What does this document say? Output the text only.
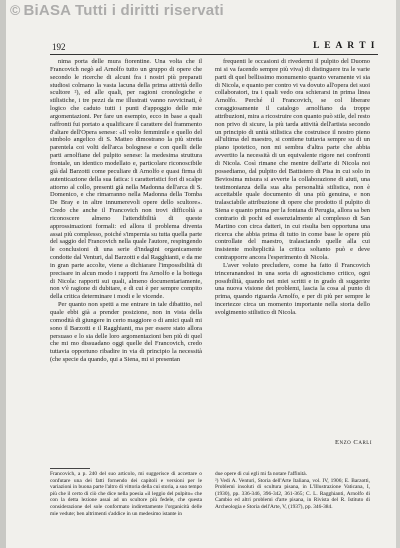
© BiASA Tutti i diritti riservati
192	L E A R T I

nima porta delle mura fiorentine. Una volta che il Francovich negò ad Arnolfo tutto un gruppo di opere che secondo le ricerche di alcuni fra i nostri più preparati studiosi colmano la vasta lacuna della prima attività dello scultore ²), ed alle quali, per ragioni cronologiche e stilistiche, i tre pezzi da me illustrati vanno ravvicinati, è logico che caduto tutti i punti d'appoggio delle mie argomentazioni. Per fare un esempio, ecco in base a quali raffronti fui portato a qualificare il carattere del frammento d'altare dell'Opera senese: «Il volto femminile e quello del simbolo angelico di S. Matteo dimostrano la più stretta parentela coi volti dell'arca bolognese e con quelli delle parti arnolfiane del pulpito senese: la medesima struttura frontale, un identico modellato e, particolare riconoscibile già dal Barzotti come peculiare di Arnolfo e quasi firma di autenticazione della sua fatica: i caratteristici fori di scalpe attorno al collo, presenti già nella Madonna dell'arca di S. Domenico, e che rimarranno nella Madonna della Tomba De Bray e in altre innumerevoli opere dello scultore». Credo che anche il Francovich non trovi difficoltà a riconoscere almeno l'attendibilità di queste approssimazioni formali: ed allora il problema diventa assai più complesso, poiché s'impernia su tutta quella parte del saggio del Francovich nella quale l'autore, respingendo le conclusioni di una serie d'indagini organicamente condotte dal Venturi, dal Barzotti e dal Ragghianti, e da me in gran parte accolte, viene a dichiarare l'impossibilità di precisare in alcun modo i rapporti fra Arnolfo e la bottega di Nicola: rapporti sui quali, almeno documentariamente, non v'è ragione di dubitare, e di cui è per sempre compito della critica determinare i modi e le vicende.

Per quanto non spetti a me entrare in tale dibattito, nel quale ebbi già a prender posizione, non in vista della comodità di giungere in certo maggiore o di amici quali mi sono il Barzotti e il Ragghianti, ma per essere stato allora persuaso e lo sia delle loro argomentazioni ben più di quel che mi mo dissuadano oggi quelle del Francovich, credo tuttavia opportuno ribadire in via di principio la necessità (che specie da quando, qui a Siena, mi si presentan

frequenti le occasioni di rivedermi il pulpito del Duomo mi si va facendo sempre più viva) di distinguere tra le varie parti di quel bellissimo monumento quanto veramente vi sia di Nicola, e quanto per contro vi va dovuto all'opera dei suoi collaboratori, tra i quali vedo ora schierarsi in prima linea Arnolfo. Perché il Francovich, se col liberare coraggiosamente il catalogo arnolfiano da troppe attribuzioni, mira a ricostruire con quanto può stile, del resto non privo di sicure, la più tarda attività dell'artista secondo un principio di unità stilistica che costruisce il nostro pieno all'ultima del maestro, si contiene tuttavia sempre su di un piano ipotetico, non mi sembra d'altra parte che abbia avvertito la necessità di un equivalente rigore nei confronti di Nicola. Così rimane che mentre dell'arte di Nicola noi possediamo, dal pulpito del Battistero di Pisa in cui solo in Beviosima misura si avverte la collaborazione di aiuti, una testimonianza della sua alta personalità stilistica, non è accettabile quale documento di una più genuina, e non tralasciabile attribuzione di opere che prodotto il pulpito di Siena e quanto prima per la fontana di Perugia, allora sa ben contrario di pochi ed essenzialmente al complesso di San Martino con circa datteri, in cui risulta ben opportuna una ricerca che abbia prima di tutto in come base le opere più controllate del maestro, tralasciando quelle alla cui insistente molteplicità la critica soltanto può e deve contrapporre ancora l'esperimento di Nicola.

L'aver voluto precludere, come ha fatto il Francovich trinceranandosi in una sorta di agnosticismo critico, ogni possibilità, quando nei miei scritti e in grado di suggerire una nuova visione dei problemi, lascia la cosa al punto di prima, quando riguarda Arnolfo, e per di più per sempre le incertezze circa un momento importante nella storia dello svolgimento stilistico di Nicola.

Enzo Carli

Francovich, a p. 240 del suo articolo, mi suggerisce di accettare o confutare una dei fatti fornendo dei capitoli e versioni per le variazioni in buona parte l'altro di vittoria della cui storia, a suo tempo più che il certo di ciò che dice nella poesia «il leggio del pulpito» che con la detta lezione assai ad un scultore più fedele, che questa considerazione del sole conformato indirettamente l'organicità delle mie vedute; ben altrimenti s'addice in un medesimo istante in

due opere di cui egli mi fa notare l'affinità.

²) Vedi A. Venturi, Storia dell'Arte Italiana, vol. IV, 1906; E. Barzotti, Problemi insoluti di scultura pisana, in L'Illustrazione Vaticana, I, (1930), pp. 336-346, 396-342, 361-365; C. L. Ragghianti, Arnolfo di Cambio ed altri problemi d'arte pisana, in Rivista del R. Istituto di Archeologia e Storia dell'Arte, V, (1937), pp. 346-384.
